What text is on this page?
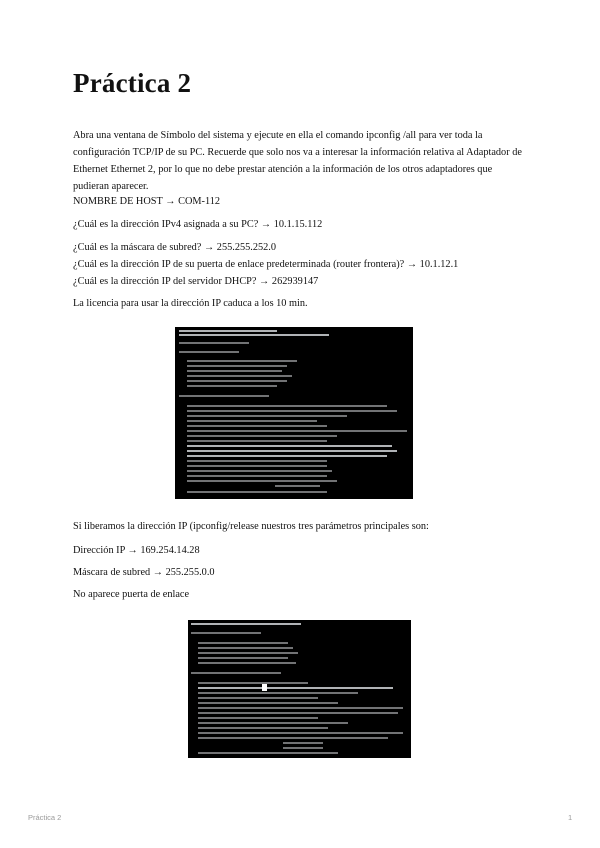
Práctica 2

Abra una ventana de Símbolo del sistema y ejecute en ella el comando ipconfig /all para ver toda la configuración TCP/IP de su PC. Recuerde que solo nos va a interesar la información relativa al Adaptador de Ethernet Ethernet 2, por lo que no debe prestar atención a la información de los otros adaptadores que pudieran aparecer.

NOMBRE DE HOST → COM-112

¿Cuál es la dirección IPv4 asignada a su PC? → 10.1.15.112

¿Cuál es la máscara de subred? → 255.255.252.0

¿Cuál es la dirección IP de su puerta de enlace predeterminada (router frontera)? → 10.1.12.1

¿Cuál es la dirección IP del servidor DHCP? → 262939147

La licencia para usar la dirección IP caduca a los 10 min.

Si liberamos la dirección IP (ipconfig/release nuestros tres parámetros principales son:

Dirección IP → 169.254.14.28

Máscara de subred → 255.255.0.0

No aparece puerta de enlace

Práctica 2	1
